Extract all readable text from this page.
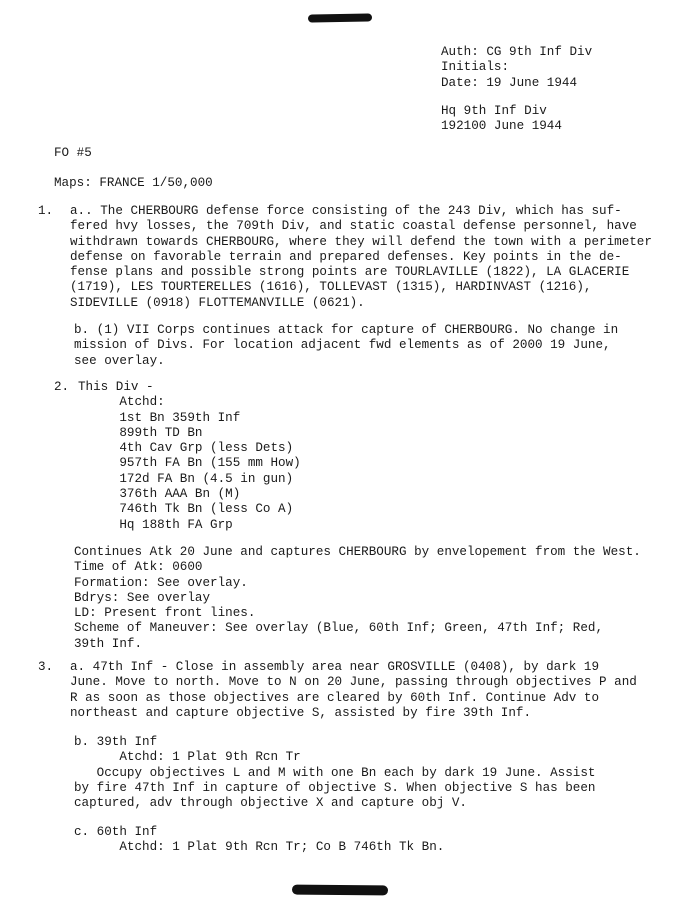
Auth: CG 9th Inf Div
Initials:
Date: 19 June 1944
Hq 9th Inf Div
192100 June 1944
FO #5
Maps: FRANCE 1/50,000
1. a.. The CHERBOURG defense force consisting of the 243 Div, which has suf-
fered hvy losses, the 709th Div, and static coastal defense personnel, have
withdrawn towards CHERBOURG, where they will defend the town with a perimeter
defense on favorable terrain and prepared defenses. Key points in the de-
fense plans and possible strong points are TOURLAVILLE (1822), LA GLACERIE
(1719), LES TOURTERELLES (1616), TOLLEVAST (1315), HARDINVAST (1216),
SIDEVILLE (0918) FLOTTEMANVILLE (0621).
b. (1) VII Corps continues attack for capture of CHERBOURG. No change in
mission of Divs. For location adjacent fwd elements as of 2000 19 June,
see overlay.
2. This Div -
Atchd:
1st Bn 359th Inf
899th TD Bn
4th Cav Grp (less Dets)
957th FA Bn (155 mm How)
172d FA Bn (4.5 in gun)
376th AAA Bn (M)
746th Tk Bn (less Co A)
Hq 188th FA Grp
Continues Atk 20 June and captures CHERBOURG by envelopement from the West.
Time of Atk: 0600
Formation: See overlay.
Bdrys: See overlay
LD: Present front lines.
Scheme of Maneuver: See overlay (Blue, 60th Inf; Green, 47th Inf; Red,
39th Inf.
3. a. 47th Inf - Close in assembly area near GROSVILLE (0408), by dark 19
June. Move to north. Move to N on 20 June, passing through objectives P and
R as soon as those objectives are cleared by 60th Inf. Continue Adv to
northeast and capture objective S, assisted by fire 39th Inf.
b. 39th Inf
Atchd: 1 Plat 9th Rcn Tr
Occupy objectives L and M with one Bn each by dark 19 June. Assist
by fire 47th Inf in capture of objective S. When objective S has been
captured, adv through objective X and capture obj V.
c. 60th Inf
Atchd: 1 Plat 9th Rcn Tr; Co B 746th Tk Bn.
